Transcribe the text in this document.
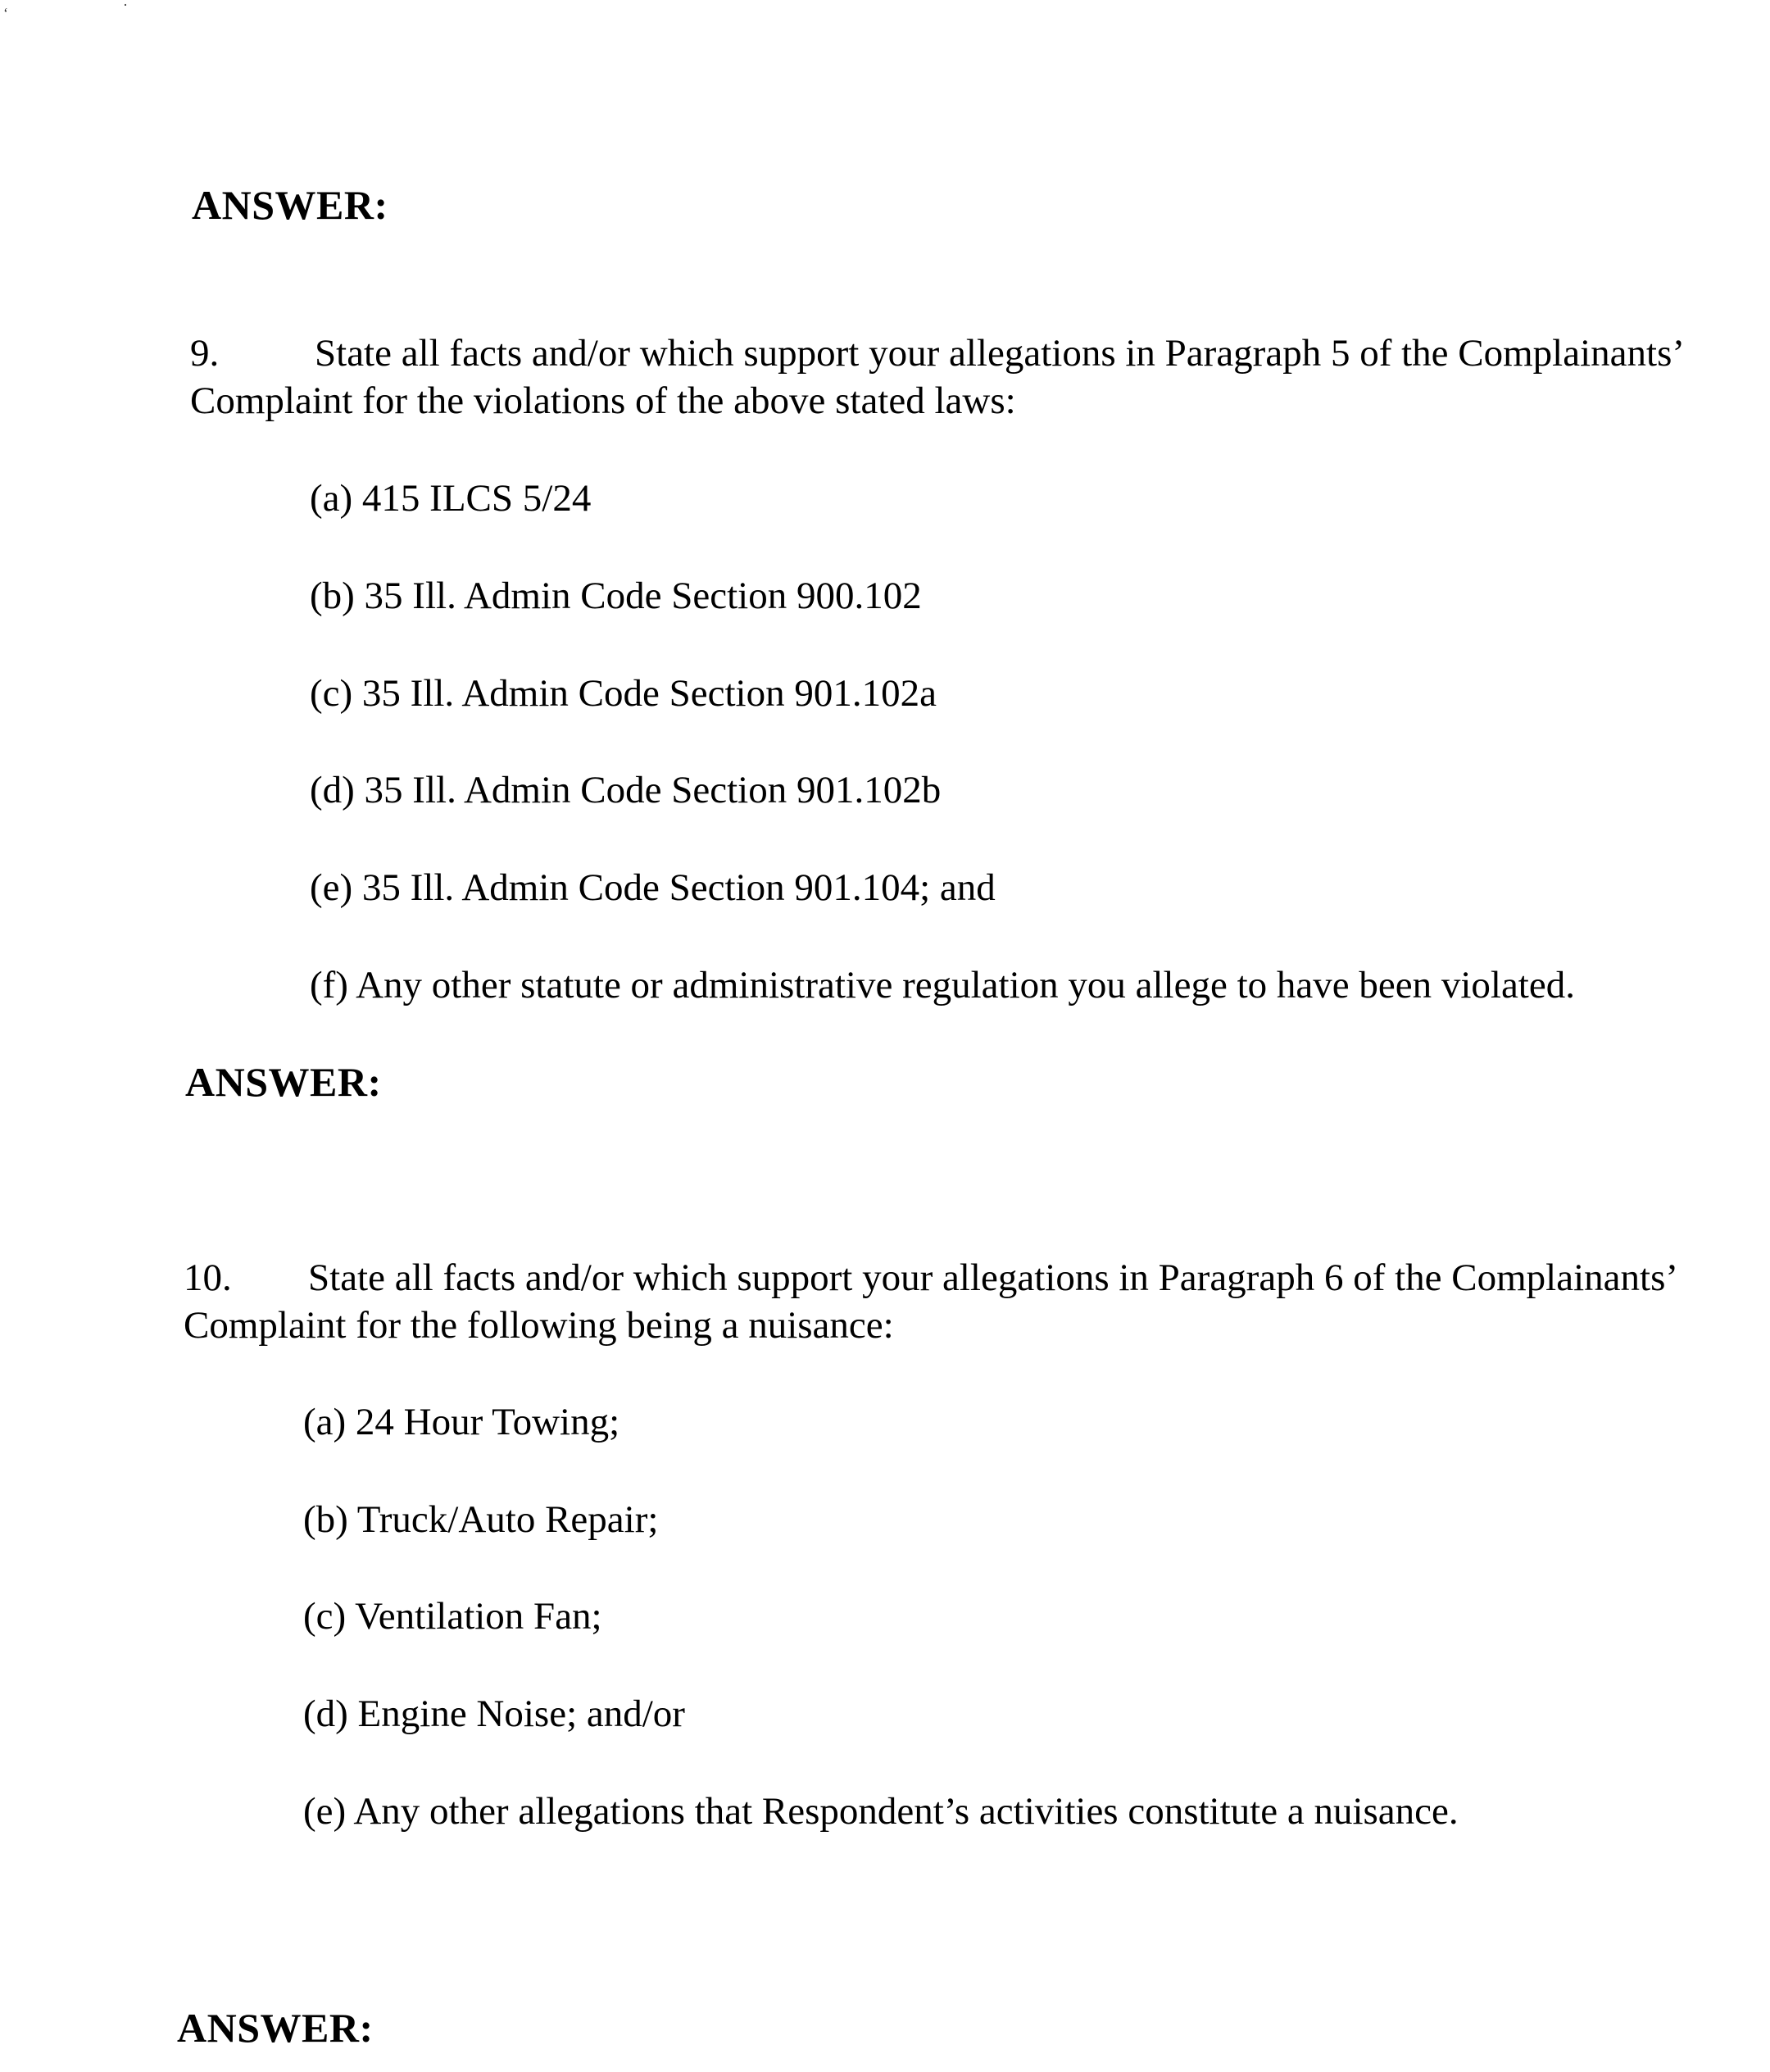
‘	·
ANSWER:
9. State all facts and/or which support your allegations in Paragraph 5 of the Complainants’
Complaint for the violations of the above stated laws:
(a) 415 ILCS 5/24
(b) 35 Ill. Admin Code Section 900.102
(c) 35 Ill. Admin Code Section 901.102a
(d) 35 Ill. Admin Code Section 901.102b
(e) 35 Ill. Admin Code Section 901.104; and
(f) Any other statute or administrative regulation you allege to have been violated.
ANSWER:
10. State all facts and/or which support your allegations in Paragraph 6 of the Complainants’
Complaint for the following being a nuisance:
(a) 24 Hour Towing;
(b) Truck/Auto Repair;
(c) Ventilation Fan;
(d) Engine Noise; and/or
(e) Any other allegations that Respondent’s activities constitute a nuisance.
ANSWER:
